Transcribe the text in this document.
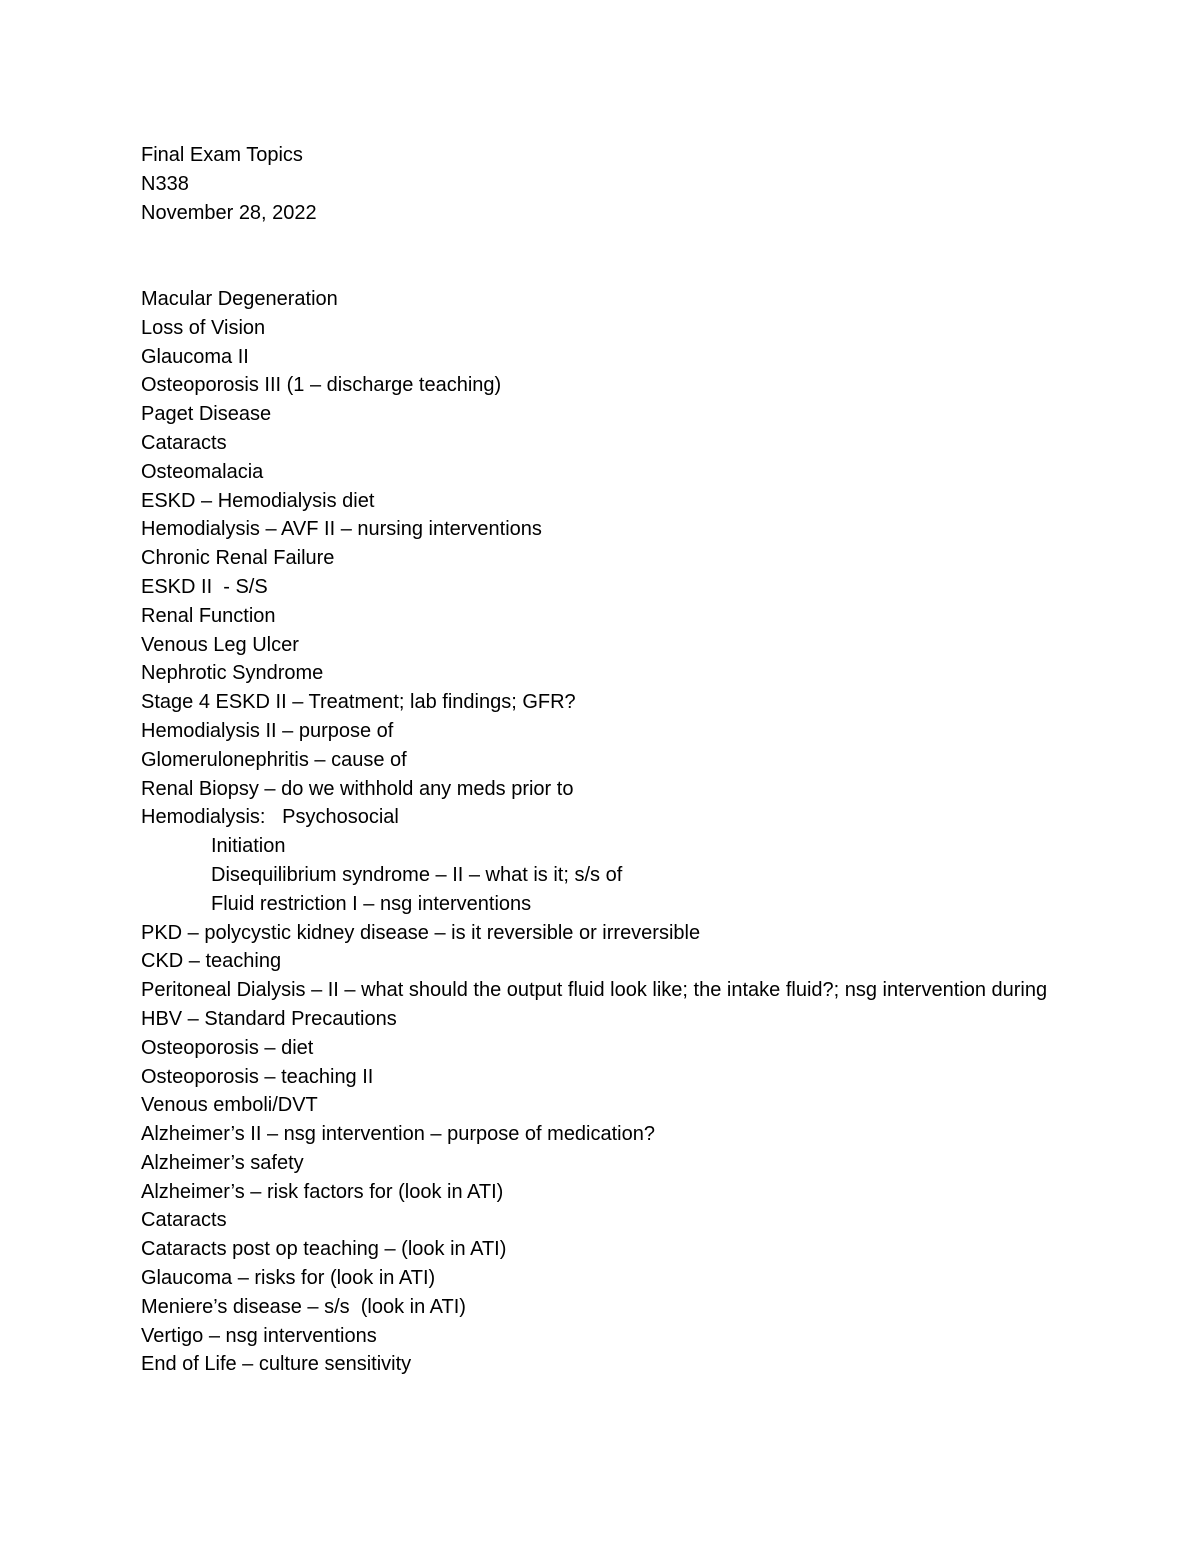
Final Exam Topics
N338
November 28, 2022
Macular Degeneration
Loss of Vision
Glaucoma II
Osteoporosis III (1 – discharge teaching)
Paget Disease
Cataracts
Osteomalacia
ESKD – Hemodialysis diet
Hemodialysis – AVF II – nursing interventions
Chronic Renal Failure
ESKD II  - S/S
Renal Function
Venous Leg Ulcer
Nephrotic Syndrome
Stage 4 ESKD II – Treatment; lab findings; GFR?
Hemodialysis II – purpose of
Glomerulonephritis – cause of
Renal Biopsy – do we withhold any meds prior to
Hemodialysis:   Psychosocial
Initiation
Disequilibrium syndrome – II – what is it; s/s of
Fluid restriction I – nsg interventions
PKD – polycystic kidney disease – is it reversible or irreversible
CKD – teaching
Peritoneal Dialysis – II – what should the output fluid look like; the intake fluid?; nsg intervention during
HBV – Standard Precautions
Osteoporosis – diet
Osteoporosis – teaching II
Venous emboli/DVT
Alzheimer’s II – nsg intervention – purpose of medication?
Alzheimer’s safety
Alzheimer’s – risk factors for (look in ATI)
Cataracts
Cataracts post op teaching – (look in ATI)
Glaucoma – risks for (look in ATI)
Meniere’s disease – s/s  (look in ATI)
Vertigo – nsg interventions
End of Life – culture sensitivity
